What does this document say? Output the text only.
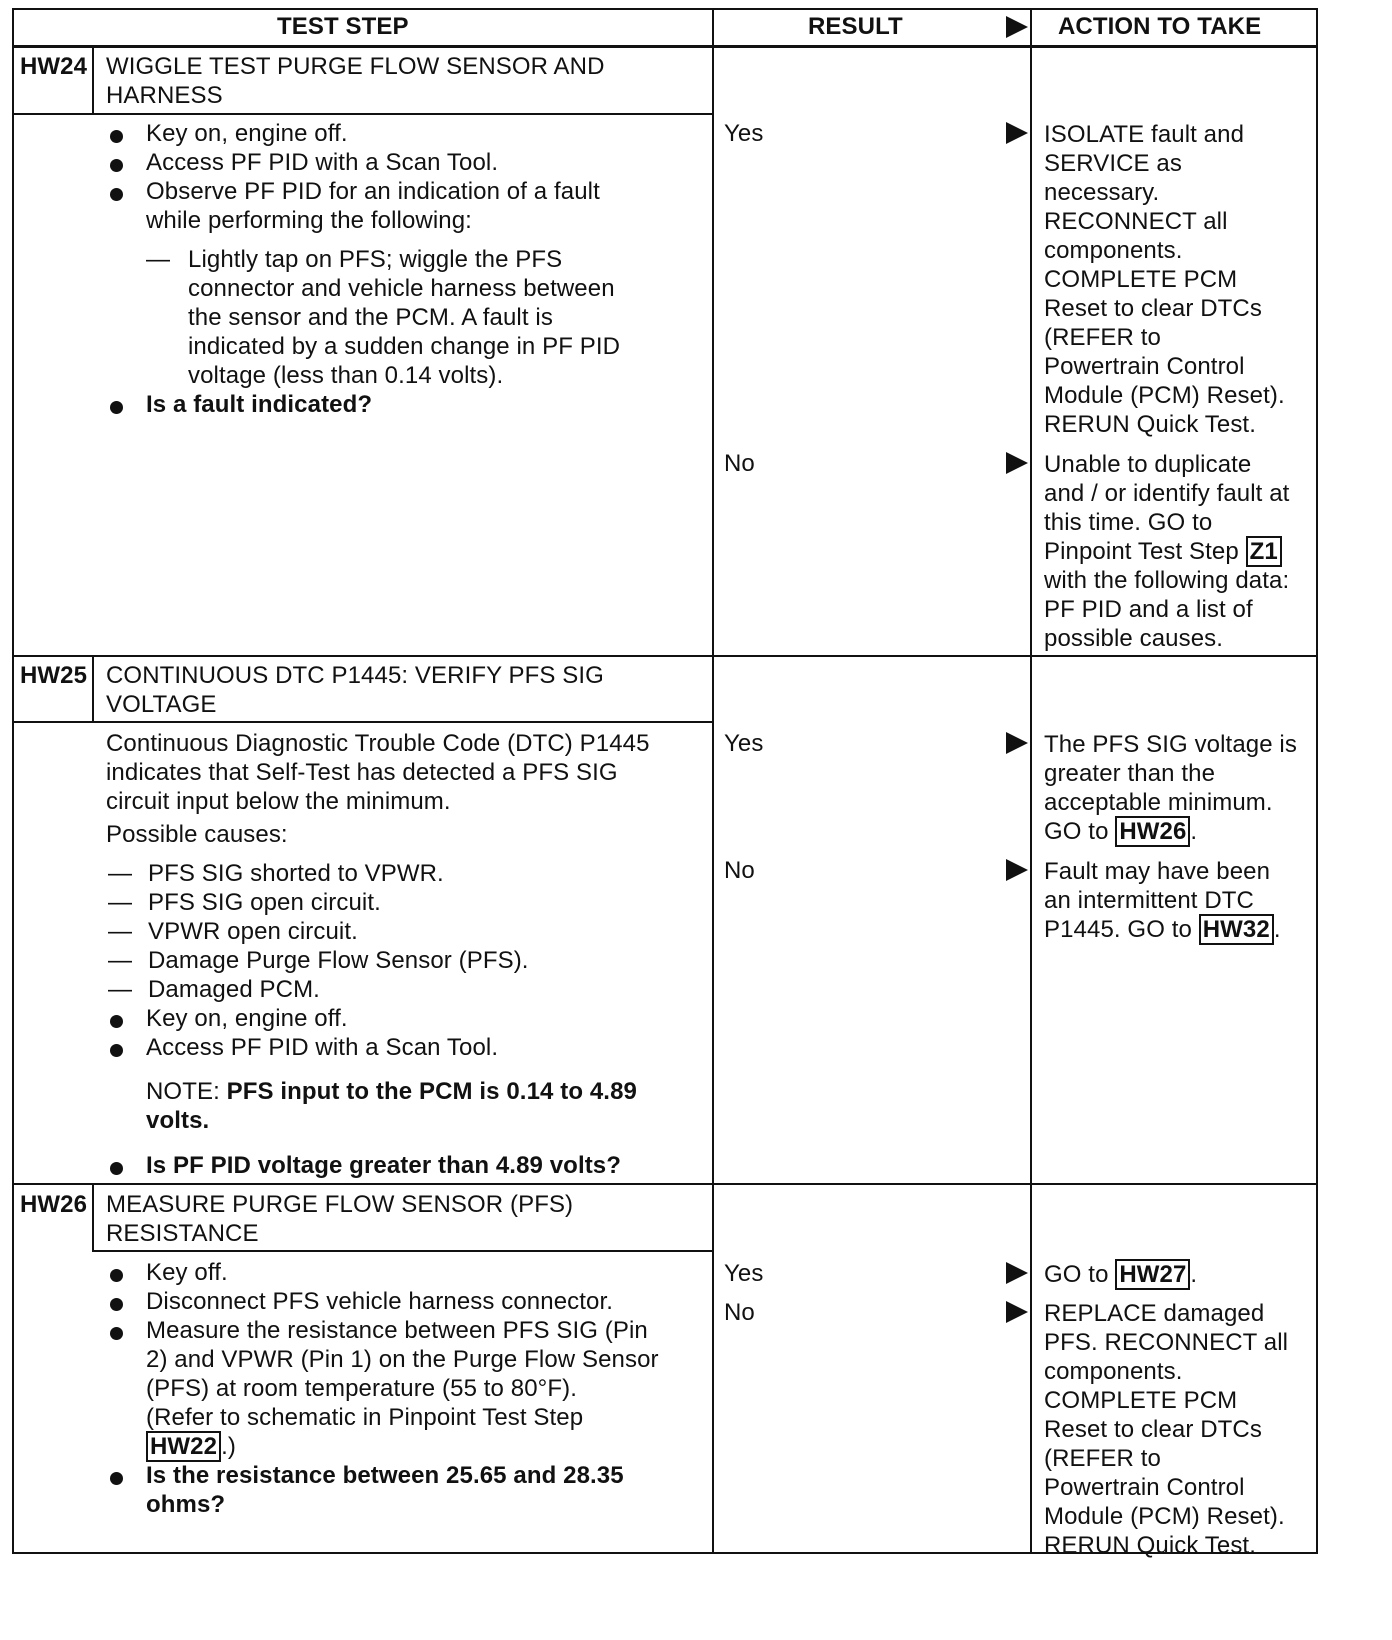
TEST STEP	RESULT	ACTION TO TAKE
HW24 WIGGLE TEST PURGE FLOW SENSOR AND
HARNESS
Key on, engine off.
Access PF PID with a Scan Tool.
Observe PF PID for an indication of a fault
while performing the following:
— Lightly tap on PFS; wiggle the PFS
connector and vehicle harness between
the sensor and the PCM. A fault is
indicated by a sudden change in PF PID
voltage (less than 0.14 volts).
Is a fault indicated?
Yes	ISOLATE fault and
SERVICE as
necessary.
RECONNECT all
components.
COMPLETE PCM
Reset to clear DTCs
(REFER to
Powertrain Control
Module (PCM) Reset).
RERUN Quick Test.
No	Unable to duplicate
and / or identify fault at
this time. GO to
Pinpoint Test Step Z1
with the following data:
PF PID and a list of
possible causes.
HW25 CONTINUOUS DTC P1445: VERIFY PFS SIG
VOLTAGE
Continuous Diagnostic Trouble Code (DTC) P1445
indicates that Self-Test has detected a PFS SIG
circuit input below the minimum.
Possible causes:
— PFS SIG shorted to VPWR.
— PFS SIG open circuit.
— VPWR open circuit.
— Damage Purge Flow Sensor (PFS).
— Damaged PCM.
Key on, engine off.
Access PF PID with a Scan Tool.
NOTE: PFS input to the PCM is 0.14 to 4.89
volts.
Is PF PID voltage greater than 4.89 volts?
Yes	The PFS SIG voltage is
greater than the
acceptable minimum.
GO to HW26 .
No	Fault may have been
an intermittent DTC
P1445. GO to HW32 .
HW26 MEASURE PURGE FLOW SENSOR (PFS)
RESISTANCE
Key off.
Disconnect PFS vehicle harness connector.
Measure the resistance between PFS SIG (Pin
2) and VPWR (Pin 1) on the Purge Flow Sensor
(PFS) at room temperature (55 to 80°F).
(Refer to schematic in Pinpoint Test Step
HW22 .)
Is the resistance between 25.65 and 28.35
ohms?
Yes	GO to HW27 .
No	REPLACE damaged
PFS. RECONNECT all
components.
COMPLETE PCM
Reset to clear DTCs
(REFER to
Powertrain Control
Module (PCM) Reset).
RERUN Quick Test.
